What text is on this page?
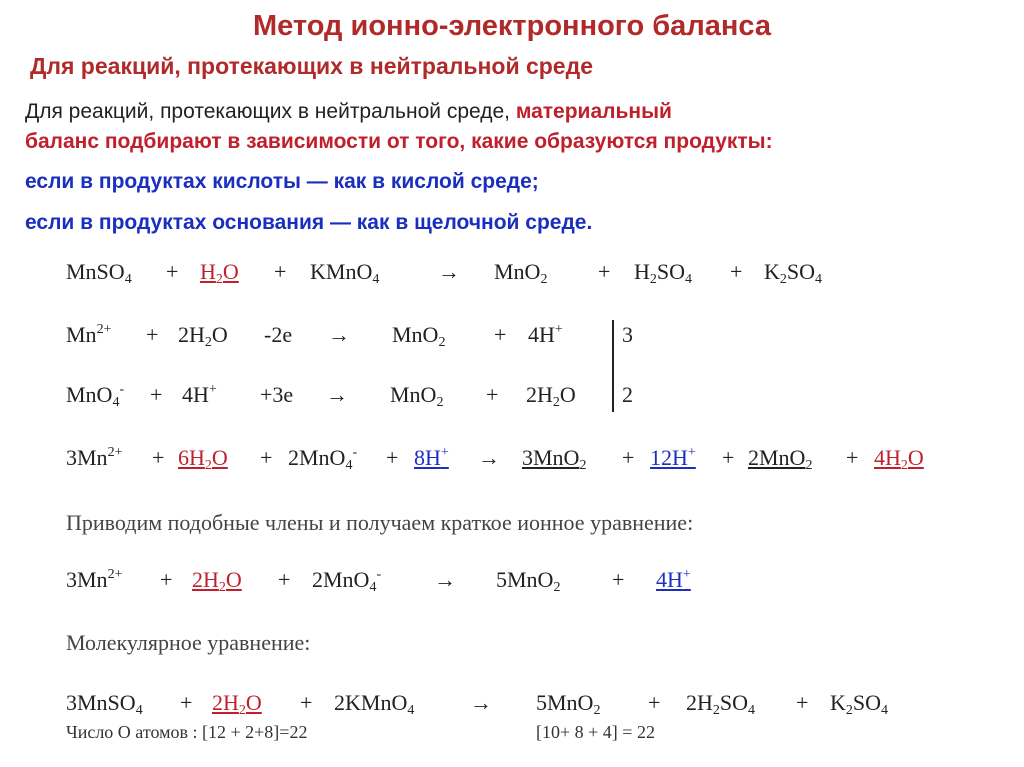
Метод ионно-электронного баланса
Для реакций, протекающих в нейтральной среде
Для реакций, протекающих в нейтральной среде, материальный
баланс подбирают в зависимости от того, какие образуются продукты:
если в продуктах кислоты — как в кислой среде;
если в продуктах основания — как в щелочной среде.
MnSO$_4$ + $H_2O$ + KMnO$_4$	→ $MnO_2 + H_2SO_4 + K_2SO_4$
$Mn^{2+} + 2H_2O$ -2e → MnO$_2$ + 4H+	3
$MnO_4^- + 4H^+ +3e \to MnO_2 + 2H_2O$ 2
$3Mn^{2+} + 6H_2O + 2MnO_4^- + 8H^+ \to 3MnO_2 + 12H^+ + 2MnO_2 + 4H_2O$
Приводим подобные члены и получаем краткое ионное уравнение:
$3Mn^{2+} + 2H_2O + 2MnO_4^- \to 5MnO_2 + 4H^+$
Молекулярное уравнение:
3MnSO$_4$ + $2H_2O$ + 2KMnO$_4$	→ $5MnO_2 + 2H_2SO_4 + K_2SO_4$
Число О атомов : [12 + 2+8]=22	[10+ 8 + 4] = 22
